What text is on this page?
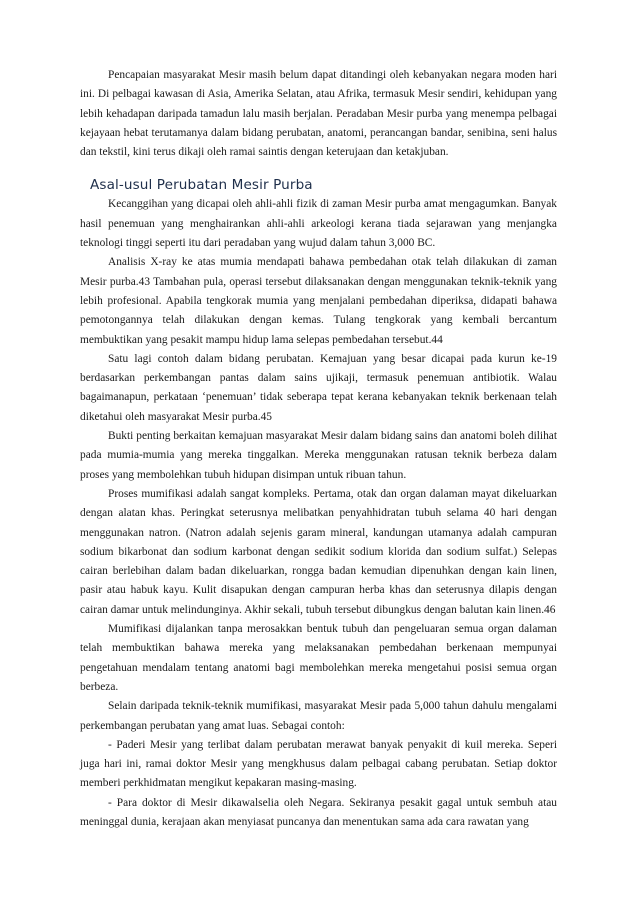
Pencapaian masyarakat Mesir masih belum dapat ditandingi oleh kebanyakan negara moden hari ini. Di pelbagai kawasan di Asia, Amerika Selatan, atau Afrika, termasuk Mesir sendiri, kehidupan yang lebih kehadapan daripada tamadun lalu masih berjalan. Peradaban Mesir purba yang menempa pelbagai kejayaan hebat terutamanya dalam bidang perubatan, anatomi, perancangan bandar, senibina, seni halus dan tekstil, kini terus dikaji oleh ramai saintis dengan keterujaan dan ketakjuban.

Asal-usul Perubatan Mesir Purba

Kecanggihan yang dicapai oleh ahli-ahli fizik di zaman Mesir purba amat mengagumkan. Banyak hasil penemuan yang menghairankan ahli-ahli arkeologi kerana tiada sejarawan yang menjangka teknologi tinggi seperti itu dari peradaban yang wujud dalam tahun 3,000 BC.

Analisis X-ray ke atas mumia mendapati bahawa pembedahan otak telah dilakukan di zaman Mesir purba.43 Tambahan pula, operasi tersebut dilaksanakan dengan menggunakan teknik-teknik yang lebih profesional. Apabila tengkorak mumia yang menjalani pembedahan diperiksa, didapati bahawa pemotongannya telah dilakukan dengan kemas. Tulang tengkorak yang kembali bercantum membuktikan yang pesakit mampu hidup lama selepas pembedahan tersebut.44

Satu lagi contoh dalam bidang perubatan. Kemajuan yang besar dicapai pada kurun ke-19 berdasarkan perkembangan pantas dalam sains ujikaji, termasuk penemuan antibiotik. Walau bagaimanapun, perkataan ‘penemuan’ tidak seberapa tepat kerana kebanyakan teknik berkenaan telah diketahui oleh masyarakat Mesir purba.45

Bukti penting berkaitan kemajuan masyarakat Mesir dalam bidang sains dan anatomi boleh dilihat pada mumia-mumia yang mereka tinggalkan. Mereka menggunakan ratusan teknik berbeza dalam proses yang membolehkan tubuh hidupan disimpan untuk ribuan tahun.

Proses mumifikasi adalah sangat kompleks. Pertama, otak dan organ dalaman mayat dikeluarkan dengan alatan khas. Peringkat seterusnya melibatkan penyahhidratan tubuh selama 40 hari dengan menggunakan natron. (Natron adalah sejenis garam mineral, kandungan utamanya adalah campuran sodium bikarbonat dan sodium karbonat dengan sedikit sodium klorida dan sodium sulfat.) Selepas cairan berlebihan dalam badan dikeluarkan, rongga badan kemudian dipenuhkan dengan kain linen, pasir atau habuk kayu. Kulit disapukan dengan campuran herba khas dan seterusnya dilapis dengan cairan damar untuk melindunginya. Akhir sekali, tubuh tersebut dibungkus dengan balutan kain linen.46

Mumifikasi dijalankan tanpa merosakkan bentuk tubuh dan pengeluaran semua organ dalaman telah membuktikan bahawa mereka yang melaksanakan pembedahan berkenaan mempunyai pengetahuan mendalam tentang anatomi bagi membolehkan mereka mengetahui posisi semua organ berbeza.

Selain daripada teknik-teknik mumifikasi, masyarakat Mesir pada 5,000 tahun dahulu mengalami perkembangan perubatan yang amat luas. Sebagai contoh:

- Paderi Mesir yang terlibat dalam perubatan merawat banyak penyakit di kuil mereka. Seperi juga hari ini, ramai doktor Mesir yang mengkhusus dalam pelbagai cabang perubatan. Setiap doktor memberi perkhidmatan mengikut kepakaran masing-masing.

- Para doktor di Mesir dikawalselia oleh Negara. Sekiranya pesakit gagal untuk sembuh atau meninggal dunia, kerajaan akan menyiasat puncanya dan menentukan sama ada cara rawatan yang
